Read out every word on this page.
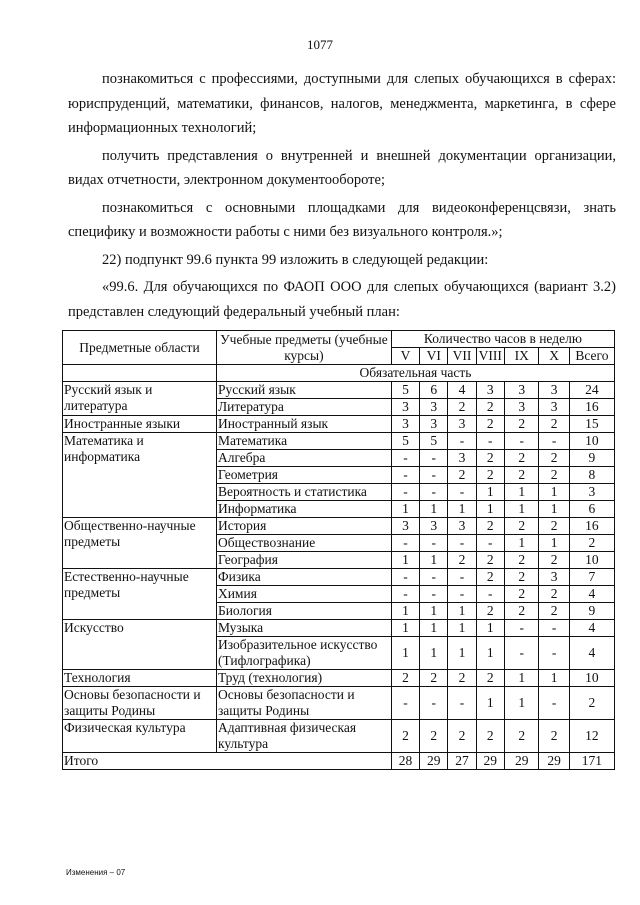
1077

познакомиться с профессиями, доступными для слепых обучающихся в сферах: юриспруденций, математики, финансов, налогов, менеджмента, маркетинга, в сфере информационных технологий;

получить представления о внутренней и внешней документации организации, видах отчетности, электронном документообороте;

познакомиться с основными площадками для видеоконференцсвязи, знать специфику и возможности работы с ними без визуального контроля.»;

22) подпункт 99.6 пункта 99 изложить в следующей редакции:

«99.6. Для обучающихся по ФАОП ООО для слепых обучающихся (вариант 3.2) представлен следующий федеральный учебный план:

Предметные области	Учебные предметы (учебные курсы)	Количество часов в неделю						
		V	VI	VII	VIII	IX	X	Всего
	Обязательная часть							
Русский язык и литература	Русский язык	5	6	4	3	3	3	24
	Литература	3	3	2	2	3	3	16
Иностранные языки	Иностранный язык	3	3	3	2	2	2	15
Математика и информатика	Математика	5	5	-	-	-	-	10
	Алгебра	-	-	3	2	2	2	9
	Геометрия	-	-	2	2	2	2	8
	Вероятность и статистика	-	-	-	1	1	1	3
	Информатика	1	1	1	1	1	1	6
Общественно-научные предметы	История	3	3	3	2	2	2	16
	Обществознание	-	-	-	-	1	1	2
	География	1	1	2	2	2	2	10
Естественно-научные предметы	Физика	-	-	-	2	2	3	7
	Химия	-	-	-	-	2	2	4
	Биология	1	1	1	2	2	2	9
Искусство	Музыка	1	1	1	1	-	-	4
	Изобразительное искусство (Тифлографика)	1	1	1	1	-	-	4
Технология	Труд (технология)	2	2	2	2	1	1	10
Основы безопасности и защиты Родины	Основы безопасности и защиты Родины	-	-	-	1	1	-	2
Физическая культура	Адаптивная физическая культура	2	2	2	2	2	2	12
Итого		28	29	27	29	29	29	171
Изменения – 07
